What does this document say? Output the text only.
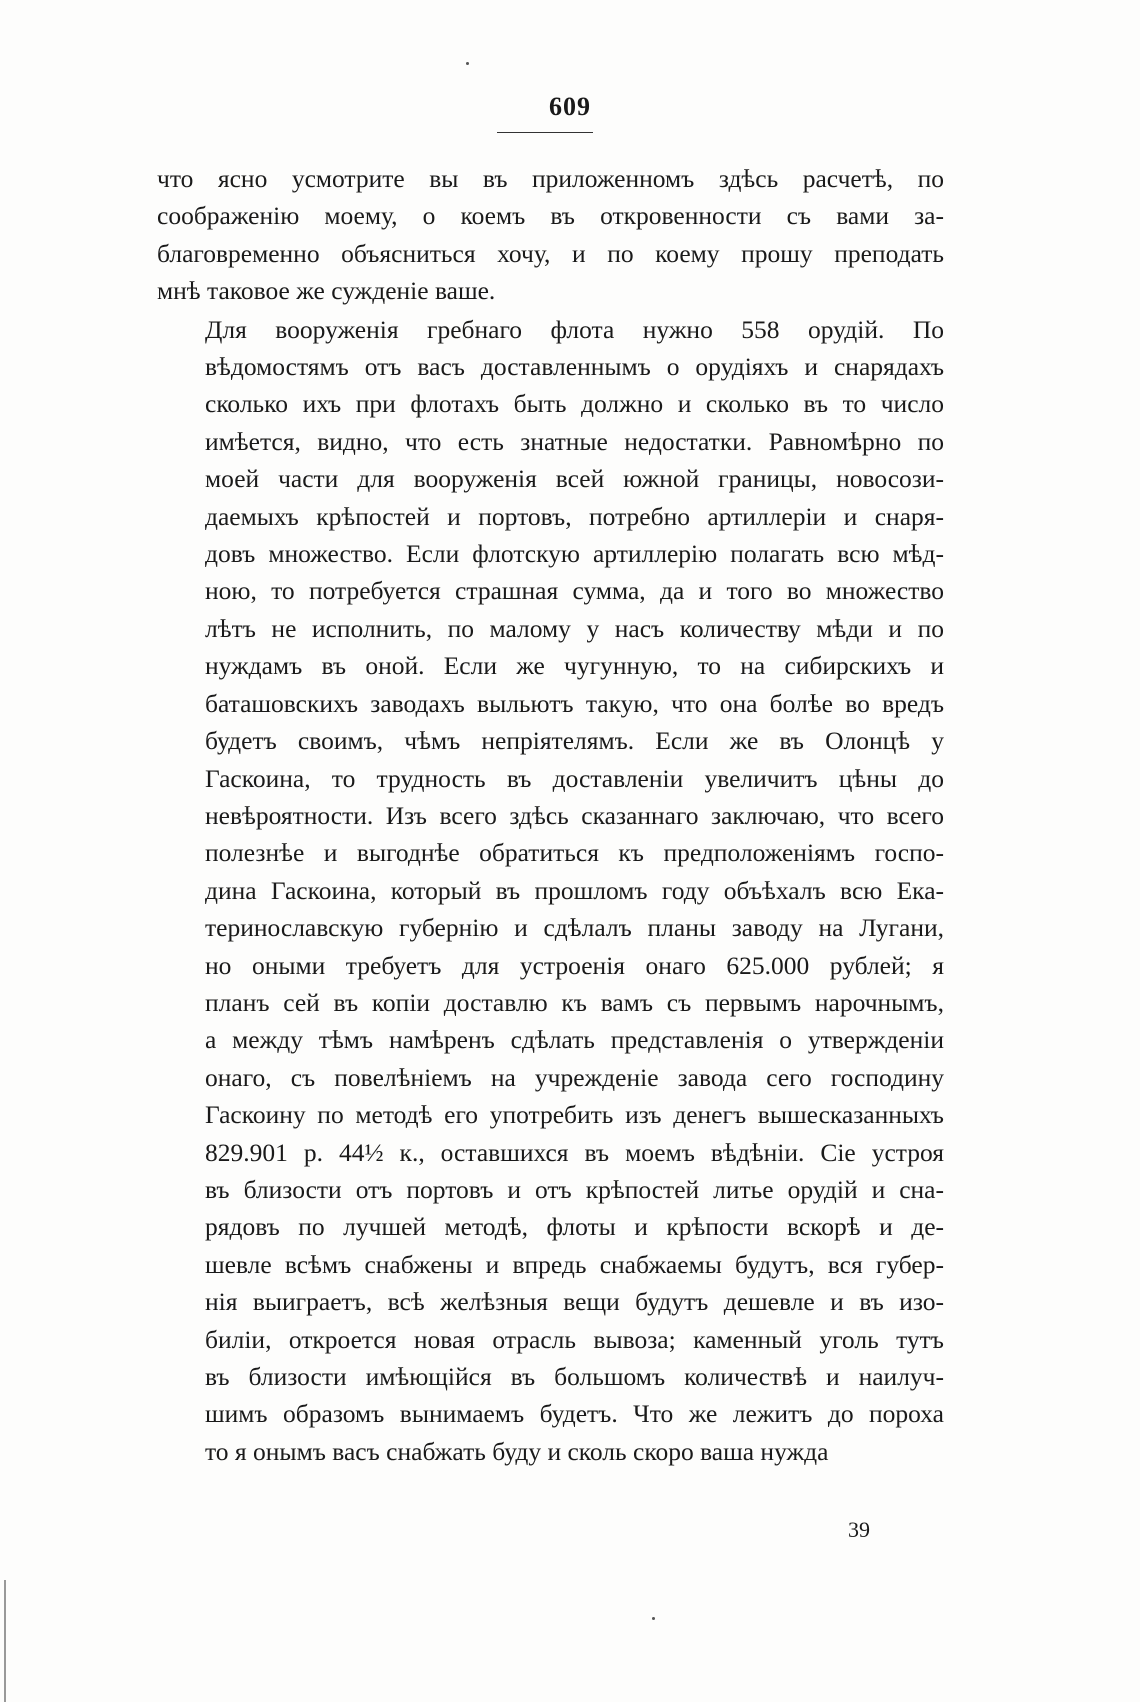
609

что ясно усмотрите вы въ приложенномъ здѣсь расчетѣ, по
соображенію моему, о коемъ въ откровенности съ вами за-
благовременно объясниться хочу, и по коему прошу преподать
мнѣ таковое же сужденіе ваше.

Для вооруженія гребнаго флота нужно 558 орудій. По
вѣдомостямъ отъ васъ доставленнымъ о орудіяхъ и снарядахъ
сколько ихъ при флотахъ быть должно и сколько въ то число
имѣется, видно, что есть знатные недостатки. Равномѣрно по
моей части для вооруженія всей южной границы, новосози-
даемыхъ крѣпостей и портовъ, потребно артиллеріи и снаря-
довъ множество. Если флотскую артиллерію полагать всю мѣд-
ною, то потребуется страшная сумма, да и того во множество
лѣтъ не исполнить, по малому у насъ количеству мѣди и по
нуждамъ въ оной. Если же чугунную, то на сибирскихъ и
баташовскихъ заводахъ выльютъ такую, что она болѣе во вредъ
будетъ своимъ, чѣмъ непріятелямъ. Если же въ Олонцѣ у
Гаскоина, то трудность въ доставленіи увеличитъ цѣны до
невѣроятности. Изъ всего здѣсь сказаннаго заключаю, что всего
полезнѣе и выгоднѣе обратиться къ предположеніямъ госпо-
дина Гаскоина, который въ прошломъ году объѣхалъ всю Ека-
теринославскую губернію и сдѣлалъ планы заводу на Лугани,
но оными требуетъ для устроенія онаго 625.000 рублей; я
планъ сей въ копіи доставлю къ вамъ съ первымъ нарочнымъ,
а между тѣмъ намѣренъ сдѣлать представленія о утвержденіи
онаго, съ повелѣніемъ на учрежденіе завода сего господину
Гаскоину по методѣ его употребить изъ денегъ вышесказанныхъ
829.901 р. 44½ к., оставшихся въ моемъ вѣдѣніи. Сіе устроя
въ близости отъ портовъ и отъ крѣпостей литье орудій и сна-
рядовъ по лучшей методѣ, флоты и крѣпости вскорѣ и де-
шевле всѣмъ снабжены и впредь снабжаемы будутъ, вся губер-
нія выиграетъ, всѣ желѣзныя вещи будутъ дешевле и въ изо-
биліи, откроется новая отрасль вывоза; каменный уголь тутъ
въ близости имѣющійся въ большомъ количествѣ и наилуч-
шимъ образомъ вынимаемъ будетъ. Что же лежитъ до пороха
то я онымъ васъ снабжать буду и сколь скоро ваша нужда

39
